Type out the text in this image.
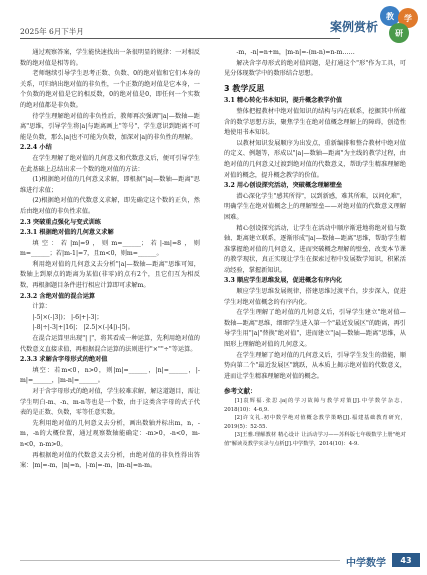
2025年 6月下半月	案例赏析
教	学
研

通过观察答案，学生能快速找出一条很明显的规律：一对相反数的绝对值是相等的。

老师继续引导学生思考正数、负数、0的绝对值和它们本身的关系，可归纳出绝对值的非负性，一个正数的绝对值是它本身，一个负数的绝对值是它的相反数，0的绝对值是0，即任何一个实数的绝对值都是非负数。

待学生理解绝对值的非负性后，教师再次强调"|a|—数轴—距离"思维，引导学生将|a|与距离画上"等号"，学生意识到距离不可能是负数，那么|a|也不可能为负数，加深对|a|的非负性的理解。

2.2.4 小结

在学生理解了绝对值的几何意义和代数意义后，便可引导学生在此基础上总结出求一个数的绝对值的方法：

(1)根据绝对值的几何意义求解，即根据"|a|—数轴—距离"思维进行求值；

(2)根据绝对值的代数意义求解，即先确定这个数的正负，然后由绝对值的非负性求值。

2.3 突破重点强化与变式训练

2.3.1 根据绝对值的几何意义求解

填空：若|m|=9，则m=______；若|-m|=8，则m=______；若|m-1|=7，且m<0，则m=______。

利用绝对值的几何意义去分析"|a|—数轴—距离"思维可知，数轴上到原点的距离为某值(非零)的点有2个，且它们互为相反数，再根据题目条件进行相应计算即可求解m。

2.3.2 含绝对值的混合运算

计算：

|-5|×(-|3|)； |-6|+|-3|；

|-8|÷|-3|+|16|； |2.5|×(-|4|)-|5|。

在混合运算里出现"| |"，将其看成一种运算，先利用绝对值的代数意义直接求值，再根据混合运算的法则进行"×""÷"等运算。

2.3.3 求解含字母形式的绝对值

填空：若m<0，n>0，则|m|=______，|n|=______，|-m|=______，|m-n|=______。

对于含字母形式的绝对值，学生较难求解，解这道题目，需让学生明白-m、-n、m-n等也是一个数，由于这类含字母的式子代表的是正数、负数，零等任意实数。

先利用绝对值的几何意义去分析，画出数轴并标出m，n，-m，-n的大概位置，通过观察数轴能确定：-m>0，-n<0，m-n<0，n-m>0。

再根据绝对值的代数意义去分析，由绝对值的非负性得出答案：|m|=-m，|n|=n，|-m|=-m，|m-n|=n-m。

-m，-n|=n+m，|m-n|=-(m-n)=n-m……

解决含字母形式的绝对值问题，是打通这个"形"作为工具，可见分体现数学中的数形结合思想。

3 教学反思

3.1 精心转化书本知识，提升概念教学价值

整体把握教材中绝对值知识的结构与内在联系，挖掘其中所蕴含的数学思想方法，聚焦学生在绝对值概念理解上的障碍，创造性地使用书本知识。

以教材知识发展顺序为出发点，重新编排和整合教材中绝对值的定义、例题等，形成以"|a|—数轴—距离"为主线的教学过程，由绝对值的几何意义过渡到绝对值的代数意义，帮助学生精准理解绝对值的概念，提升概念教学的价值。

3.2 用心创设探究活动，突破概念理解壁垒

潜心深化学生"感其所得"，以到新感，难其所难，以问化难"，明确学生在绝对值概念上的理解壁垒——对绝对值的代数意义理解困难。

精心创设探究活动，让学生在活动中顺序渐进地将绝对值与数轴、距离建立联系，逐渐形成"|a|—数轴—距离"思维，帮助学生精准掌握绝对值的几何意义，进而突破概念理解的壁垒，改变本节课的教学现状，真正实现让学生在探索过程中发展数学知识，积累活动经验，掌握新知识。

3.3 顺应学生思维发展，促进概念有序内化

顺应学生思维发展规律，搭建思维过渡平台，步步深入，促进学生对绝对值概念的有序内化。

在学生理解了绝对值的几何意义后，引导学生建立"绝对值—数轴—距离"思维，细细学生进入第一个"最近发展区"的距离，再引导学生用"|a|"替换"绝对值"，进而建立"|a|—数轴—距离"思维，从图形上理解绝对值的几何意义。

在学生理解了绝对值的几何意义后，引导学生发生的潜能，顺势向第二个"最近发展区"跳跃，从本质上揭示绝对值的代数意义，进而让学生精准理解绝对值的概念。

参考文献：

[1]袁辉福.张思.|a|的学习故障与教学对策[J].中学数学杂志，2018(10)：4-6,9.

[2]许文礼.初中数学绝对值概念教学策略[J].福建基础教育研究，2019(5)：52-55.

[3]王雅.理解教材 精心设计 让活动学习——苏科版七年级数学上册"绝对值"解读及教学实录与点析[J].中学数学，2014(10)：4-9.

中学数学	43
